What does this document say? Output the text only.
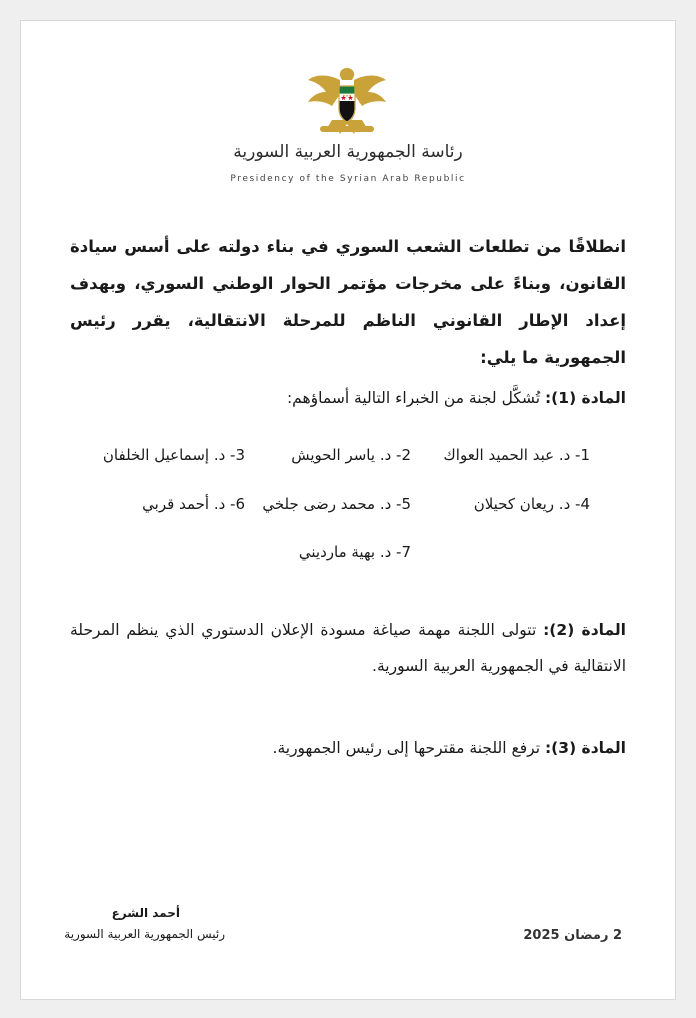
رئاسة الجمهورية العربية السورية
Presidency of the Syrian Arab Republic
انطلاقًا من تطلعات الشعب السوري في بناء دولته على أسس سيادة القانون، وبناءً على مخرجات مؤتمر الحوار الوطني السوري، وبهدف إعداد الإطار القانوني الناظم للمرحلة الانتقالية، يقرر رئيس الجمهورية ما يلي:
المادة (1): تُشكَّل لجنة من الخبراء التالية أسماؤهم:
1- د. عبد الحميد العواك
2- د. ياسر الحويش
3- د. إسماعيل الخلفان
4- د. ريعان كحيلان
5- د. محمد رضى جلخي
6- د. أحمد قربي
7- د. بهية مارديني
المادة (2): تتولى اللجنة مهمة صياغة مسودة الإعلان الدستوري الذي ينظم المرحلة الانتقالية في الجمهورية العربية السورية.
المادة (3): ترفع اللجنة مقترحها إلى رئيس الجمهورية.
أحمد الشرع
رئيس الجمهورية العربية السورية	2 رمضان 2025
